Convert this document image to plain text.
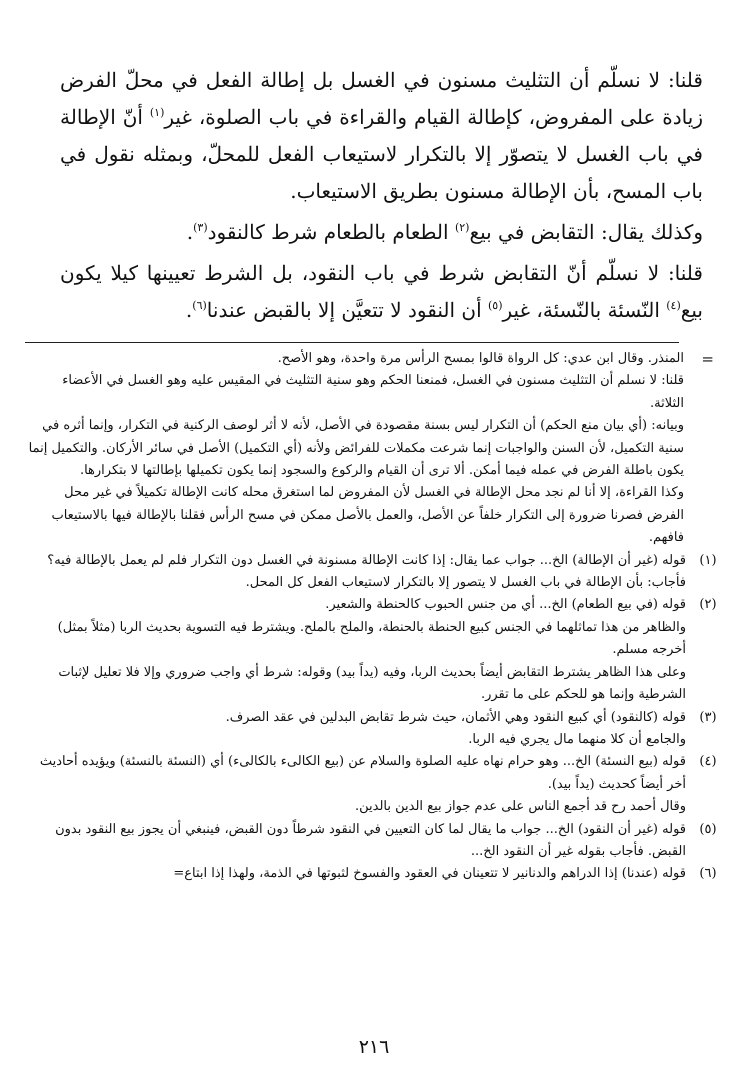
قلنا: لا نسلّم أن التثليث مسنون في الغسل بل إطالة الفعل في محلّ الفرض زيادة على المفروض، كإطالة القيام والقراءة في باب الصلوة، غير$^{(١)}$ أنّ الإطالة في باب الغسل لا يتصوّر إلا بالتكرار لاستيعاب الفعل للمحلّ، وبمثله نقول في باب المسح، بأن الإطالة مسنون بطريق الاستيعاب.

وكذلك يقال: التقابض في بيع$^{(٢)}$ الطعام بالطعام شرط كالنقود$^{(٣)}$.

قلنا: لا نسلّم أنّ التقابض شرط في باب النقود، بل الشرط تعيينها كيلا يكون بيع$^{(٤)}$ النّسئة بالنّسئة، غير$^{(٥)}$ أن النقود لا تتعيَّن إلا بالقبض عندنا$^{(٦)}$.

=

المنذر. وقال ابن عدي: كل الرواة قالوا بمسح الرأس مرة واحدة، وهو الأصح.

قلنا: لا نسلم أن التثليث مسنون في الغسل، فمنعنا الحكم وهو سنية التثليث في المقيس عليه وهو الغسل في الأعضاء الثلاثة.

وبيانه: (أي بيان منع الحكم) أن التكرار ليس بسنة مقصودة في الأصل، لأنه لا أثر لوصف الركنية في التكرار، وإنما أثره في سنية التكميل، لأن السنن والواجبات إنما شرعت مكملات للفرائض ولأنه (أي التكميل) الأصل في سائر الأركان. والتكميل إنما يكون باطلة الفرض في عمله فيما أمكن. ألا ترى أن القيام والركوع والسجود إنما يكون تكميلها بإطالتها لا بتكرارها.

وكذا القراءة، إلا أنا لم نجد محل الإطالة في الغسل لأن المفروض لما استغرق محله كانت الإطالة تكميلاً في غير محل الفرض فصرنا ضرورة إلى التكرار خلفاً عن الأصل، والعمل بالأصل ممكن في مسح الرأس فقلنا بالإطالة فيها بالاستيعاب فافهم.

(١)

قوله (غير أن الإطالة) الخ... جواب عما يقال: إذا كانت الإطالة مسنونة في الغسل دون التكرار فلم لم يعمل بالإطالة فيه؟

فأجاب: بأن الإطالة في باب الغسل لا يتصور إلا بالتكرار لاستيعاب الفعل كل المحل.

(٢)

قوله (في بيع الطعام) الخ... أي من جنس الحبوب كالحنطة والشعير.

والظاهر من هذا تماثلهما في الجنس كبيع الحنطة بالحنطة، والملح بالملح. ويشترط فيه التسوية بحديث الربا (مثلاً بمثل) أخرجه مسلم.

وعلى هذا الظاهر يشترط التقابض أيضاً بحديث الربا، وفيه (يداً بيد) وقوله: شرط أي واجب ضروري وإلا فلا تعليل لإثبات الشرطية وإنما هو للحكم على ما تقرر.

(٣)

قوله (كالنقود) أي كبيع النقود وهي الأثمان، حيث شرط تقابض البدلين في عقد الصرف.

والجامع أن كلا منهما مال يجري فيه الربا.

(٤)

قوله (بيع النسئة) الخ... وهو حرام نهاه عليه الصلوة والسلام عن (بيع الكالىء بالكالىء) أي (النسئة بالنسئة) ويؤيده أحاديث أخر أيضاً كحديث (يداً بيد).

وقال أحمد رح قد أجمع الناس على عدم جواز بيع الدين بالدين.

(٥)

قوله (غير أن النقود) الخ... جواب ما يقال لما كان التعيين في النقود شرطاً دون القبض، فينبغي أن يجوز بيع النقود بدون القبض. فأجاب بقوله غير أن النقود الخ...

(٦)

قوله (عندنا) إذا الدراهم والدنانير لا تتعينان في العقود والفسوخ لثبوتها في الذمة، ولهذا إذا ابتاع=

٢١٦
